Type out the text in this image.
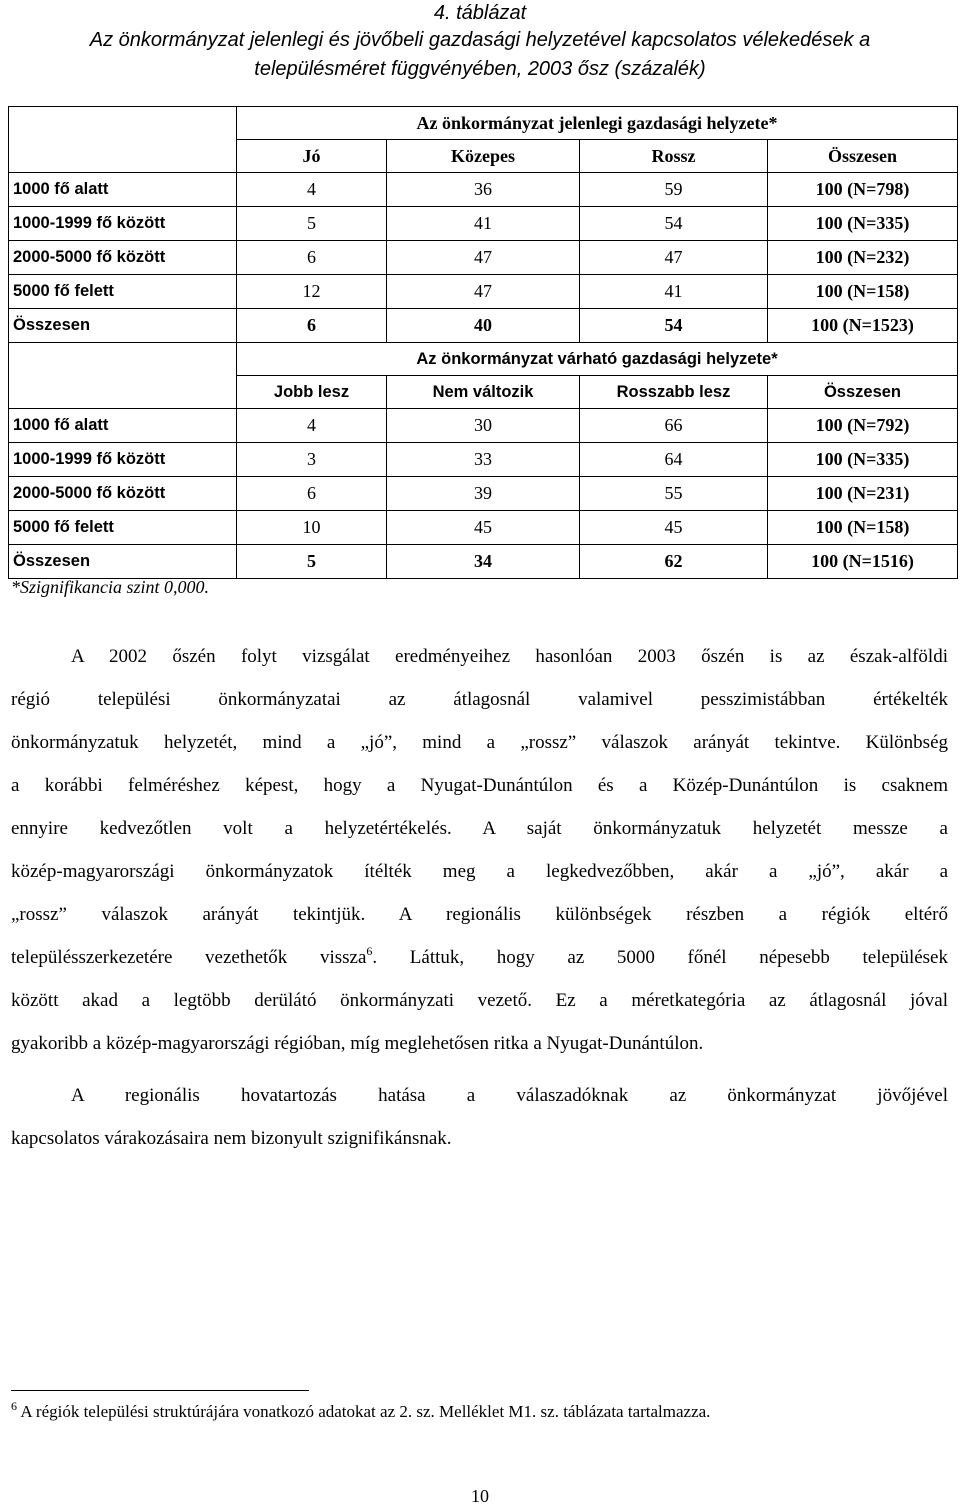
4. táblázat
Az önkormányzat jelenlegi és jövőbeli gazdasági helyzetével kapcsolatos vélekedések a
településméret függvényében, 2003 ősz (százalék)
	Az önkormányzat jelenlegi gazdasági helyzete*			
	Jó	Közepes	Rossz	Összesen
1000 fő alatt	4	36	59	100 (N=798)
1000-1999 fő között	5	41	54	100 (N=335)
2000-5000 fő között	6	47	47	100 (N=232)
5000 fő felett	12	47	41	100 (N=158)
Összesen	6	40	54	100 (N=1523)
	Az önkormányzat várható gazdasági helyzete*			
	Jobb lesz	Nem változik	Rosszabb lesz	Összesen
1000 fő alatt	4	30	66	100 (N=792)
1000-1999 fő között	3	33	64	100 (N=335)
2000-5000 fő között	6	39	55	100 (N=231)
5000 fő felett	10	45	45	100 (N=158)
Összesen	5	34	62	100 (N=1516)
*Szignifikancia szint 0,000.
A 2002 őszén folyt vizsgálat eredményeihez hasonlóan 2003 őszén is az észak-alföldi
régió települési önkormányzatai az átlagosnál valamivel pesszimistábban értékelték
önkormányzatuk helyzetét, mind a „jó”, mind a „rossz” válaszok arányát tekintve. Különbség
a korábbi felméréshez képest, hogy a Nyugat-Dunántúlon és a Közép-Dunántúlon is csaknem
ennyire kedvezőtlen volt a helyzetértékelés. A saját önkormányzatuk helyzetét messze a
közép-magyarországi önkormányzatok ítélték meg a legkedvezőbben, akár a „jó”, akár a
„rossz” válaszok arányát tekintjük. A regionális különbségek részben a régiók eltérő
településszerkezetére vezethetők vissza$^6$. Láttuk, hogy az 5000 főnél népesebb települések
között akad a legtöbb derülátó önkormányzati vezető. Ez a méretkategória az átlagosnál jóval
gyakoribb a közép-magyarországi régióban, míg meglehetősen ritka a Nyugat-Dunántúlon.
A regionális hovatartozás hatása a válaszadóknak az önkormányzat jövőjével
kapcsolatos várakozásaira nem bizonyult szignifikánsnak.
$^6$ A régiók települési struktúrájára vonatkozó adatokat az 2. sz. Melléklet M1. sz. táblázata tartalmazza.
10
